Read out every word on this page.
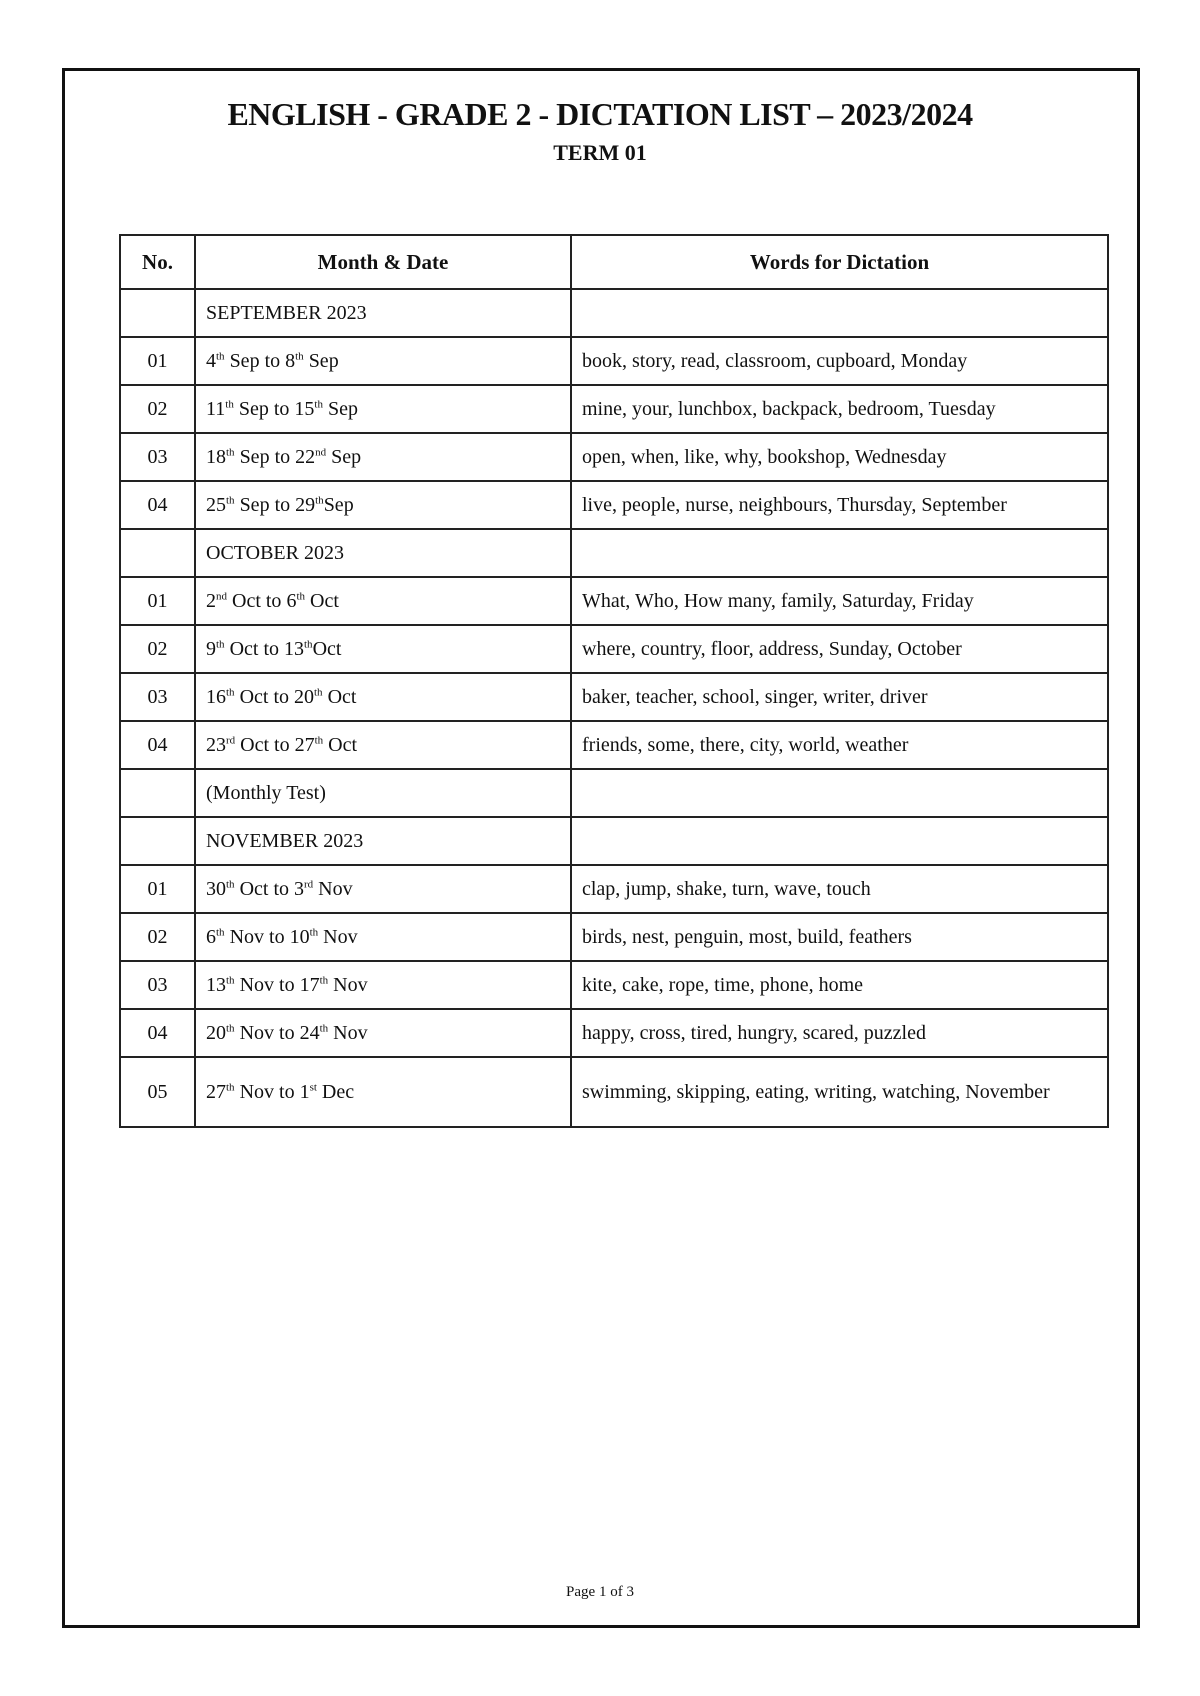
ENGLISH - GRADE 2 - DICTATION LIST – 2023/2024
TERM 01
No.	Month & Date	Words for Dictation
	SEPTEMBER 2023	
01	4th Sep to 8th Sep	book, story, read, classroom, cupboard, Monday
02	11th Sep to 15th Sep	mine, your, lunchbox, backpack, bedroom, Tuesday
03	18th Sep to 22nd Sep	open, when, like, why, bookshop, Wednesday
04	25th Sep to 29thSep	live, people, nurse, neighbours, Thursday, September
	OCTOBER 2023	
01	2nd Oct to 6th Oct	What, Who, How many, family, Saturday, Friday
02	9th Oct to 13thOct	where, country, floor, address, Sunday, October
03	16th Oct to 20th Oct	baker, teacher, school, singer, writer, driver
04	23rd Oct to 27th Oct	friends, some, there, city, world, weather
	(Monthly Test)	
	NOVEMBER 2023	
01	30th Oct to 3rd Nov	clap, jump, shake, turn, wave, touch
02	6th Nov to 10th Nov	birds, nest, penguin, most, build, feathers
03	13th Nov to 17th Nov	kite, cake, rope, time, phone, home
04	20th Nov to 24th Nov	happy, cross, tired, hungry, scared, puzzled
05	27th Nov to 1st Dec	swimming, skipping, eating, writing, watching, November
Page 1 of 3
